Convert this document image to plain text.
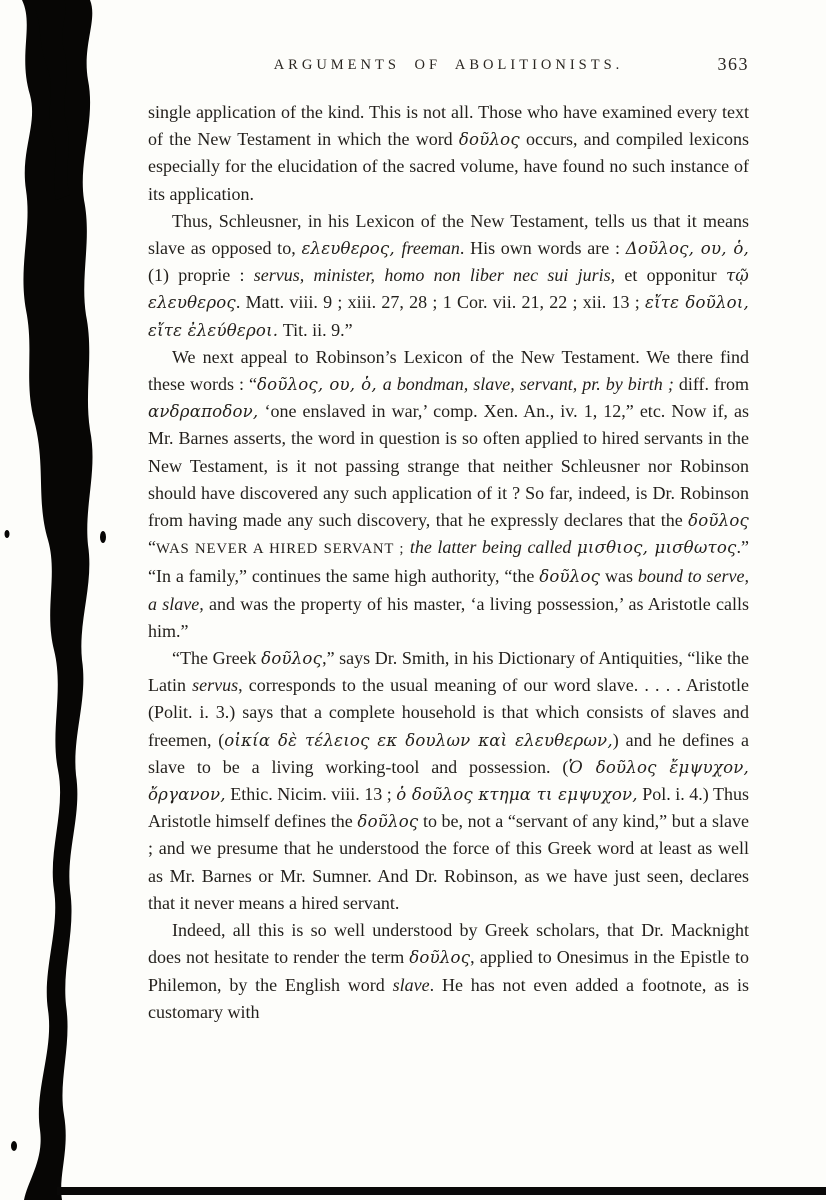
ARGUMENTS OF ABOLITIONISTS.	363

single application of the kind. This is not all. Those who have examined every text of the New Testament in which the word δοῦλος occurs, and compiled lexicons especially for the elucidation of the sacred volume, have found no such instance of its application.

Thus, Schleusner, in his Lexicon of the New Testament, tells us that it means slave as opposed to, ελευθερος, freeman. His own words are : Δοῦλος, ου, ὁ, (1) proprie : servus, minister, homo non liber nec sui juris, et opponitur τῷ ελευθερος. Matt. viii. 9 ; xiii. 27, 28 ; 1 Cor. vii. 21, 22 ; xii. 13 ; εἴτε δοῦλοι, εἴτε ἐλεύθεροι. Tit. ii. 9.”

We next appeal to Robinson’s Lexicon of the New Testament. We there find these words : “δοῦλος, ου, ὁ, a bondman, slave, servant, pr. by birth ; diff. from ανδραποδον, ‘one enslaved in war,’ comp. Xen. An., iv. 1, 12,” etc. Now if, as Mr. Barnes asserts, the word in question is so often applied to hired servants in the New Testament, is it not passing strange that neither Schleusner nor Robinson should have discovered any such application of it ? So far, indeed, is Dr. Robinson from having made any such discovery, that he expressly declares that the δοῦλος “WAS NEVER A HIRED SERVANT ; the latter being called μισθιος, μισθωτος.” “In a family,” continues the same high authority, “the δοῦλος was bound to serve, a slave, and was the property of his master, ‘a living possession,’ as Aristotle calls him.”

“The Greek δοῦλος,” says Dr. Smith, in his Dictionary of Antiquities, “like the Latin servus, corresponds to the usual meaning of our word slave. . . . . Aristotle (Polit. i. 3.) says that a complete household is that which consists of slaves and freemen, (οἰκία δὲ τέλειος εκ δουλων καὶ ελευθερων,) and he defines a slave to be a living working-tool and possession. (Ὁ δοῦλος ἔμψυχον, ὄργανον, Ethic. Nicim. viii. 13 ; ὁ δοῦλος κτημα τι εμψυχον, Pol. i. 4.) Thus Aristotle himself defines the δοῦλος to be, not a “servant of any kind,” but a slave ; and we presume that he understood the force of this Greek word at least as well as Mr. Barnes or Mr. Sumner. And Dr. Robinson, as we have just seen, declares that it never means a hired servant.

Indeed, all this is so well understood by Greek scholars, that Dr. Macknight does not hesitate to render the term δοῦλος, applied to Onesimus in the Epistle to Philemon, by the English word slave. He has not even added a footnote, as is customary with
